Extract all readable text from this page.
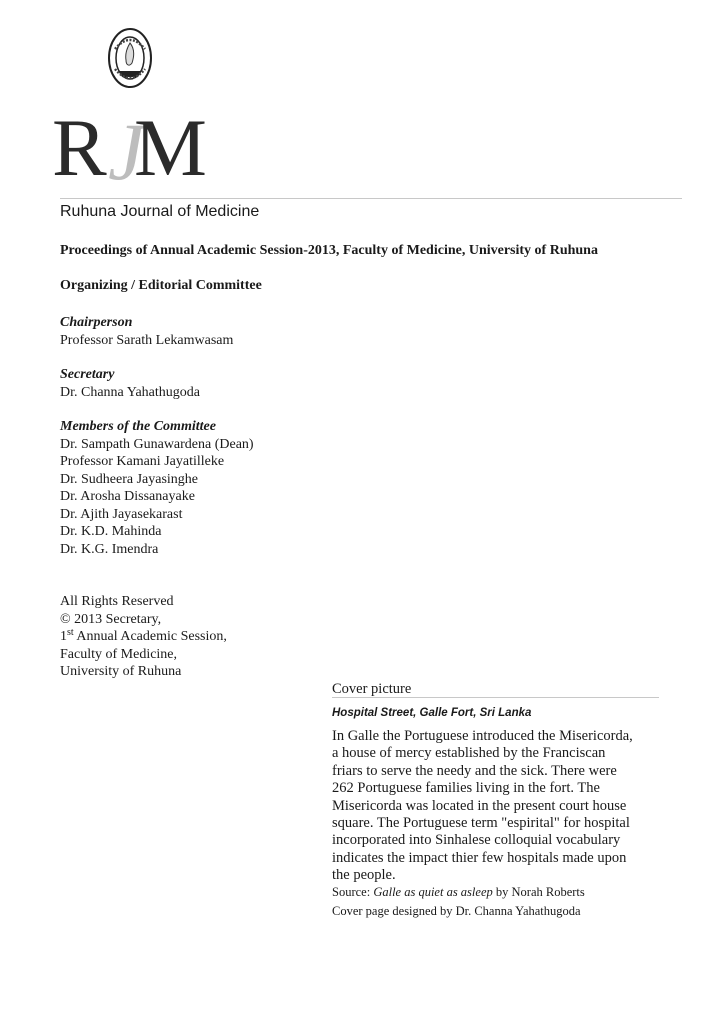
R J
M
Ruhuna Journal of Medicine
Proceedings of Annual Academic Session-2013, Faculty of Medicine, University of Ruhuna
Organizing / Editorial Committee
Chairperson
Professor Sarath Lekamwasam
Secretary
Dr. Channa Yahathugoda
Members of the Committee
Dr. Sampath Gunawardena (Dean)
Professor Kamani Jayatilleke
Dr. Sudheera Jayasinghe
Dr. Arosha Dissanayake
Dr. Ajith Jayasekarast
Dr. K.D. Mahinda
Dr. K.G. Imendra
All Rights Reserved
© 2013 Secretary,
1st Annual Academic Session,
Faculty of Medicine,
University of Ruhuna
Cover picture
Hospital Street, Galle Fort, Sri Lanka
In Galle the Portuguese introduced the Misericorda,
a house of mercy established by the Franciscan
friars to serve the needy and the sick. There were
262 Portuguese families living in the fort. The
Misericorda was located in the present court house
square. The Portuguese term "espirital" for hospital
incorporated into Sinhalese colloquial vocabulary
indicates the impact thier few hospitals made upon
the people.
Source: Galle as quiet as asleep by Norah Roberts
Cover page designed by Dr. Channa Yahathugoda
